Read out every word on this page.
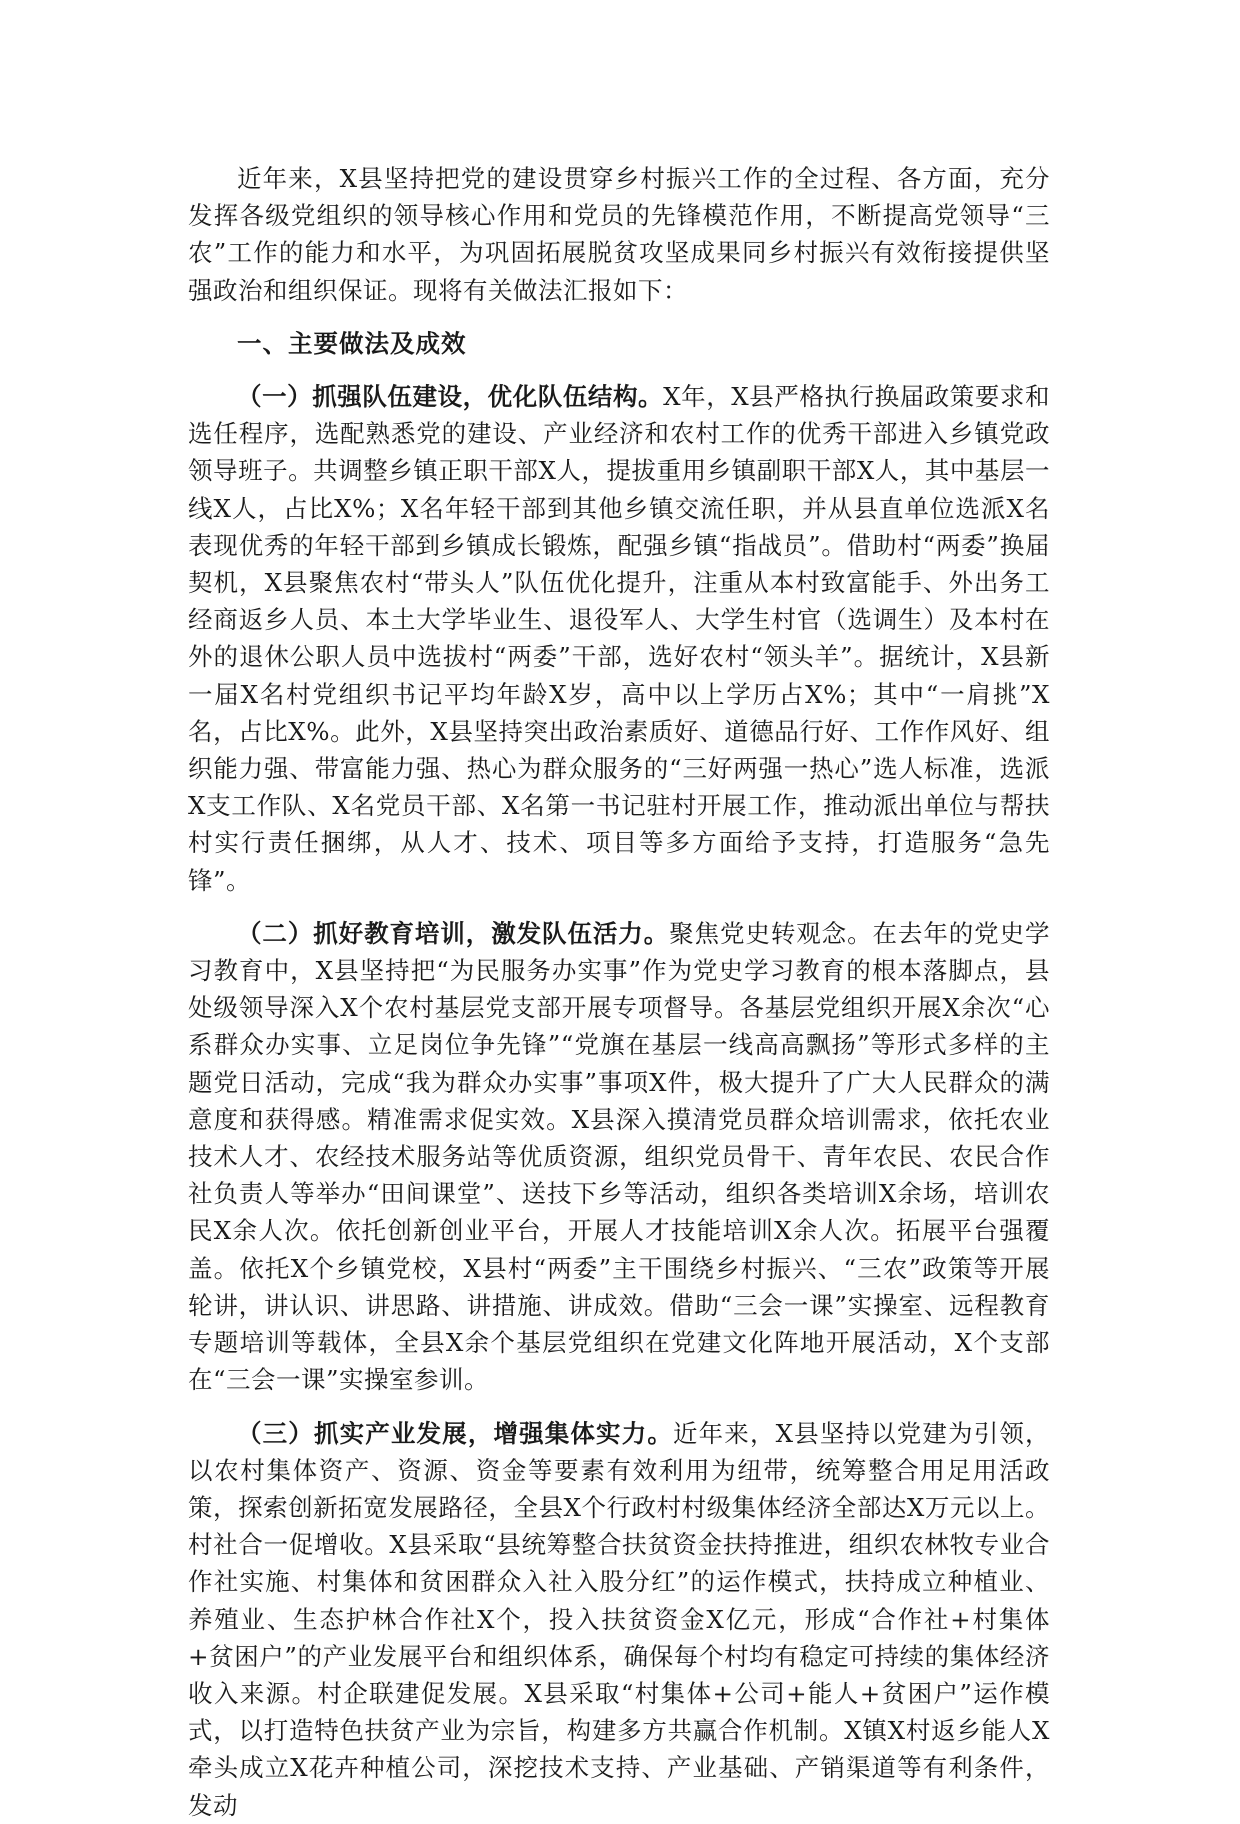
近年来，X县坚持把党的建设贯穿乡村振兴工作的全过程、各方面，充分发挥各级党组织的领导核心作用和党员的先锋模范作用，不断提高党领导“三农”工作的能力和水平，为巩固拓展脱贫攻坚成果同乡村振兴有效衔接提供坚强政治和组织保证。现将有关做法汇报如下：

一、主要做法及成效

（一）抓强队伍建设，优化队伍结构。X年，X县严格执行换届政策要求和选任程序，选配熟悉党的建设、产业经济和农村工作的优秀干部进入乡镇党政领导班子。共调整乡镇正职干部X人，提拔重用乡镇副职干部X人，其中基层一线X人，占比X%；X名年轻干部到其他乡镇交流任职，并从县直单位选派X名表现优秀的年轻干部到乡镇成长锻炼，配强乡镇“指战员”。借助村“两委”换届契机，X县聚焦农村“带头人”队伍优化提升，注重从本村致富能手、外出务工经商返乡人员、本土大学毕业生、退役军人、大学生村官（选调生）及本村在外的退休公职人员中选拔村“两委”干部，选好农村“领头羊”。据统计，X县新一届X名村党组织书记平均年龄X岁，高中以上学历占X%；其中“一肩挑”X名，占比X%。此外，X县坚持突出政治素质好、道德品行好、工作作风好、组织能力强、带富能力强、热心为群众服务的“三好两强一热心”选人标准，选派X支工作队、X名党员干部、X名第一书记驻村开展工作，推动派出单位与帮扶村实行责任捆绑，从人才、技术、项目等多方面给予支持，打造服务“急先锋”。

（二）抓好教育培训，激发队伍活力。聚焦党史转观念。在去年的党史学习教育中，X县坚持把“为民服务办实事”作为党史学习教育的根本落脚点，县处级领导深入X个农村基层党支部开展专项督导。各基层党组织开展X余次“心系群众办实事、立足岗位争先锋”“党旗在基层一线高高飘扬”等形式多样的主题党日活动，完成“我为群众办实事”事项X件，极大提升了广大人民群众的满意度和获得感。精准需求促实效。X县深入摸清党员群众培训需求，依托农业技术人才、农经技术服务站等优质资源，组织党员骨干、青年农民、农民合作社负责人等举办“田间课堂”、送技下乡等活动，组织各类培训X余场，培训农民X余人次。依托创新创业平台，开展人才技能培训X余人次。拓展平台强覆盖。依托X个乡镇党校，X县村“两委”主干围绕乡村振兴、“三农”政策等开展轮讲，讲认识、讲思路、讲措施、讲成效。借助“三会一课”实操室、远程教育专题培训等载体，全县X余个基层党组织在党建文化阵地开展活动，X个支部在“三会一课”实操室参训。

（三）抓实产业发展，增强集体实力。近年来，X县坚持以党建为引领，以农村集体资产、资源、资金等要素有效利用为纽带，统筹整合用足用活政策，探索创新拓宽发展路径，全县X个行政村村级集体经济全部达X万元以上。村社合一促增收。X县采取“县统筹整合扶贫资金扶持推进，组织农林牧专业合作社实施、村集体和贫困群众入社入股分红”的运作模式，扶持成立种植业、养殖业、生态护林合作社X个，投入扶贫资金X亿元，形成“合作社+村集体+贫困户”的产业发展平台和组织体系，确保每个村均有稳定可持续的集体经济收入来源。村企联建促发展。X县采取“村集体+公司+能人+贫困户”运作模式，以打造特色扶贫产业为宗旨，构建多方共赢合作机制。X镇X村返乡能人X牵头成立X花卉种植公司，深挖技术支持、产业基础、产销渠道等有利条件，发动
